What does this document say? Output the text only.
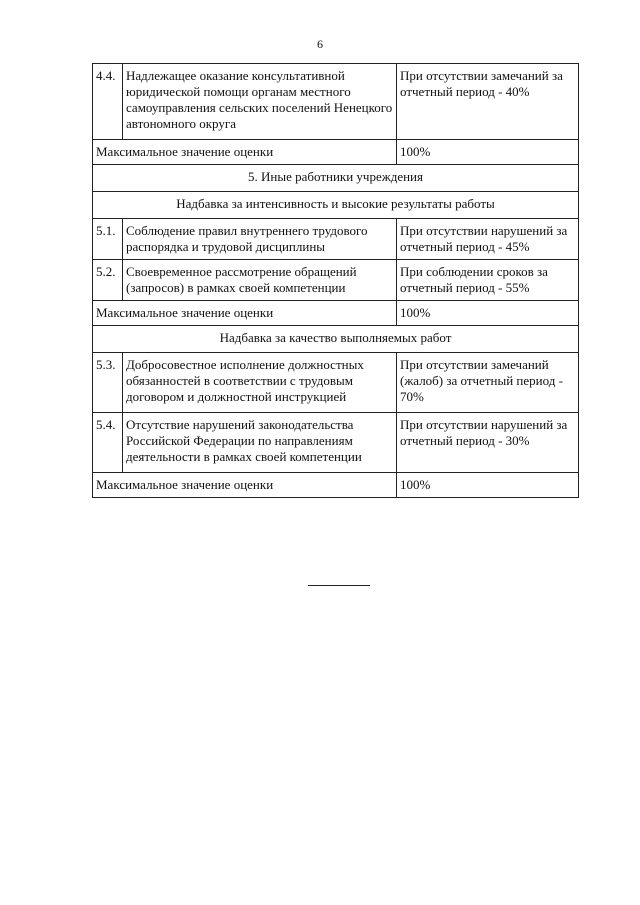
6
4.4.	Надлежащее оказание консультативной юридической помощи органам местного самоуправления сельских поселений Ненецкого автономного округа	При отсутствии замечаний за отчетный период - 40%
Максимальное значение оценки		100%
5. Иные работники учреждения		
Надбавка за интенсивность и высокие результаты работы		
5.1.	Соблюдение правил внутреннего трудового распорядка и трудовой дисциплины	При отсутствии нарушений за отчетный период - 45%
5.2.	Своевременное рассмотрение обращений (запросов) в рамках своей компетенции	При соблюдении сроков за отчетный период - 55%
Максимальное значение оценки		100%
Надбавка за качество выполняемых работ		
5.3.	Добросовестное исполнение должностных обязанностей в соответствии с трудовым договором и должностной инструкцией	При отсутствии замечаний (жалоб) за отчетный период - 70%
5.4.	Отсутствие нарушений законодательства Российской Федерации по направлениям деятельности в рамках своей компетенции	При отсутствии нарушений за отчетный период - 30%
Максимальное значение оценки		100%
